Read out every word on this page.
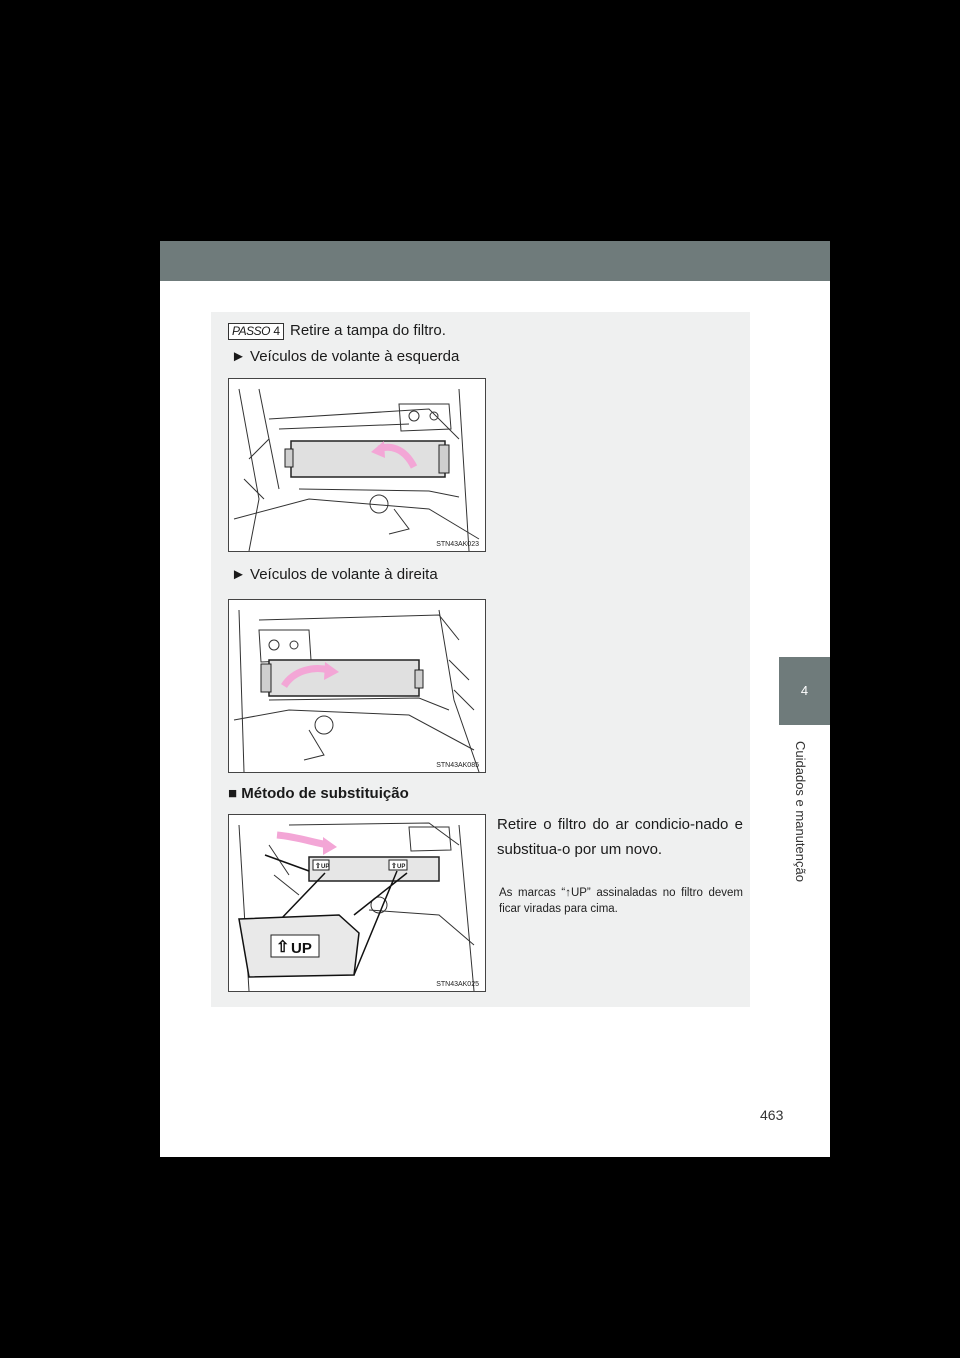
4
Cuidados e manutenção
PASSO 4 Retire a tampa do filtro.
► Veículos de volante à esquerda
STN43AK023
► Veículos de volante à direita
STN43AK085
■ Método de substituição
⇧ UP	⇧ UP
⇧ UP
STN43AK025
Retire o filtro do ar condicio-nado e substitua-o por um novo.
As marcas “↑UP” assinaladas no filtro devem ficar viradas para cima.
463
